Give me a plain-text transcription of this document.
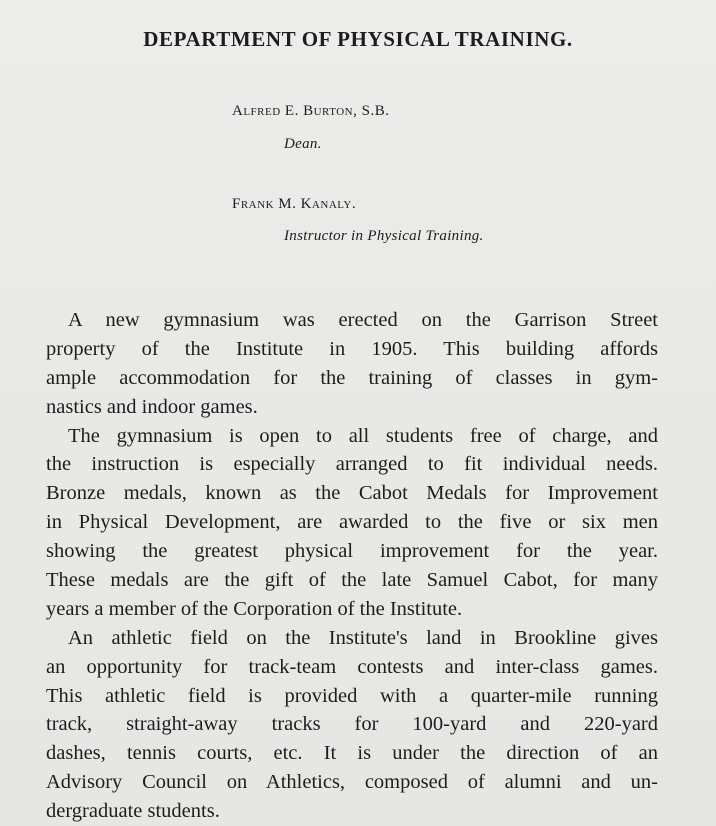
DEPARTMENT OF PHYSICAL TRAINING.
Alfred E. Burton, S.B.
Dean.
Frank M. Kanaly.
Instructor in Physical Training.
A new gymnasium was erected on the Garrison Street
property of the Institute in 1905. This building affords
ample accommodation for the training of classes in gym-
nastics and indoor games.
The gymnasium is open to all students free of charge, and
the instruction is especially arranged to fit individual needs.
Bronze medals, known as the Cabot Medals for Improvement
in Physical Development, are awarded to the five or six men
showing the greatest physical improvement for the year.
These medals are the gift of the late Samuel Cabot, for many
years a member of the Corporation of the Institute.
An athletic field on the Institute's land in Brookline gives
an opportunity for track-team contests and inter-class games.
This athletic field is provided with a quarter-mile running
track, straight-away tracks for 100-yard and 220-yard
dashes, tennis courts, etc. It is under the direction of an
Advisory Council on Athletics, composed of alumni and un-
dergraduate students.
